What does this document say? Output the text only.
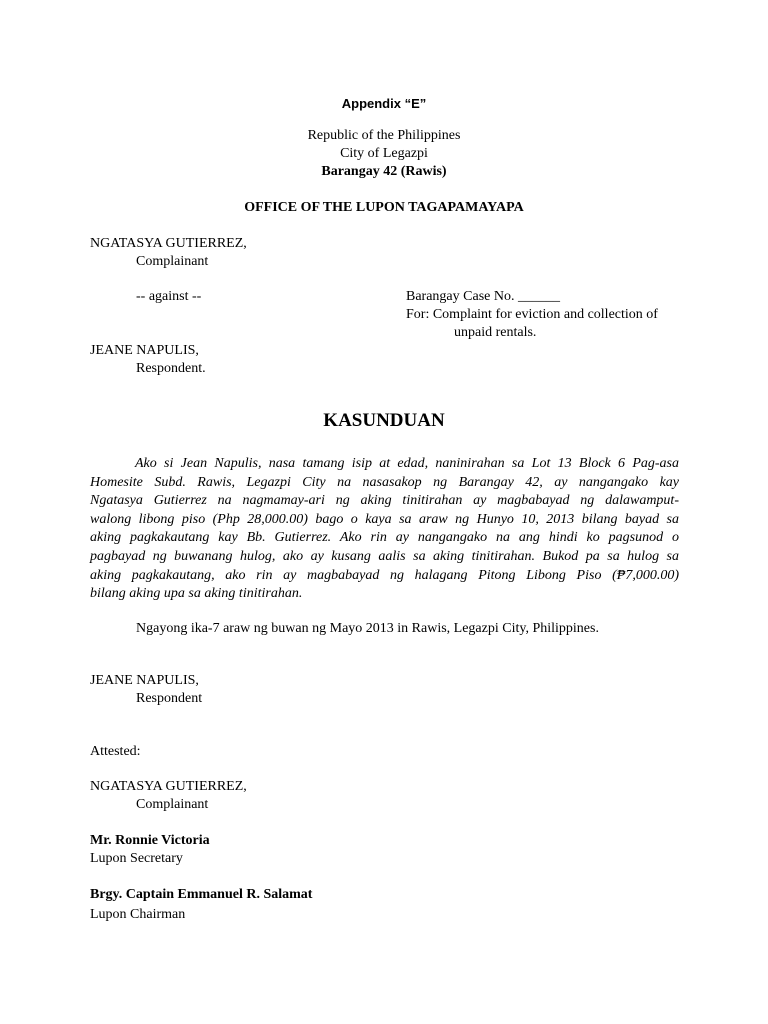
Appendix “E”
Republic of the Philippines
City of Legazpi
Barangay 42 (Rawis)
OFFICE OF THE LUPON TAGAPAMAYAPA
NGATASYA GUTIERREZ,
Complainant
-- against --	Barangay Case No. ______
For: Complaint for eviction and collection of
unpaid rentals.
JEANE NAPULIS,
Respondent.
KASUNDUAN
Ako si Jean Napulis, nasa tamang isip at edad, naninirahan sa Lot 13 Block 6 Pag-asa
Homesite Subd. Rawis, Legazpi City na nasasakop ng Barangay 42, ay nangangako kay
Ngatasya Gutierrez na nagmamay-ari ng aking tinitirahan ay magbabayad ng dalawamput-
walong libong piso (Php 28,000.00) bago o kaya sa araw ng Hunyo 10, 2013 bilang bayad sa
aking pagkakautang kay Bb. Gutierrez. Ako rin ay nangangako na ang hindi ko pagsunod o
pagbayad ng buwanang hulog, ako ay kusang aalis sa aking tinitirahan. Bukod pa sa hulog sa
aking pagkakautang, ako rin ay magbabayad ng halagang Pitong Libong Piso (₱7,000.00)
bilang aking upa sa aking tinitirahan.
Ngayong ika-7 araw ng buwan ng Mayo 2013 in Rawis, Legazpi City, Philippines.
JEANE NAPULIS,
Respondent
Attested:
NGATASYA GUTIERREZ,
Complainant
Mr. Ronnie Victoria
Lupon Secretary
Brgy. Captain Emmanuel R. Salamat
Lupon Chairman
